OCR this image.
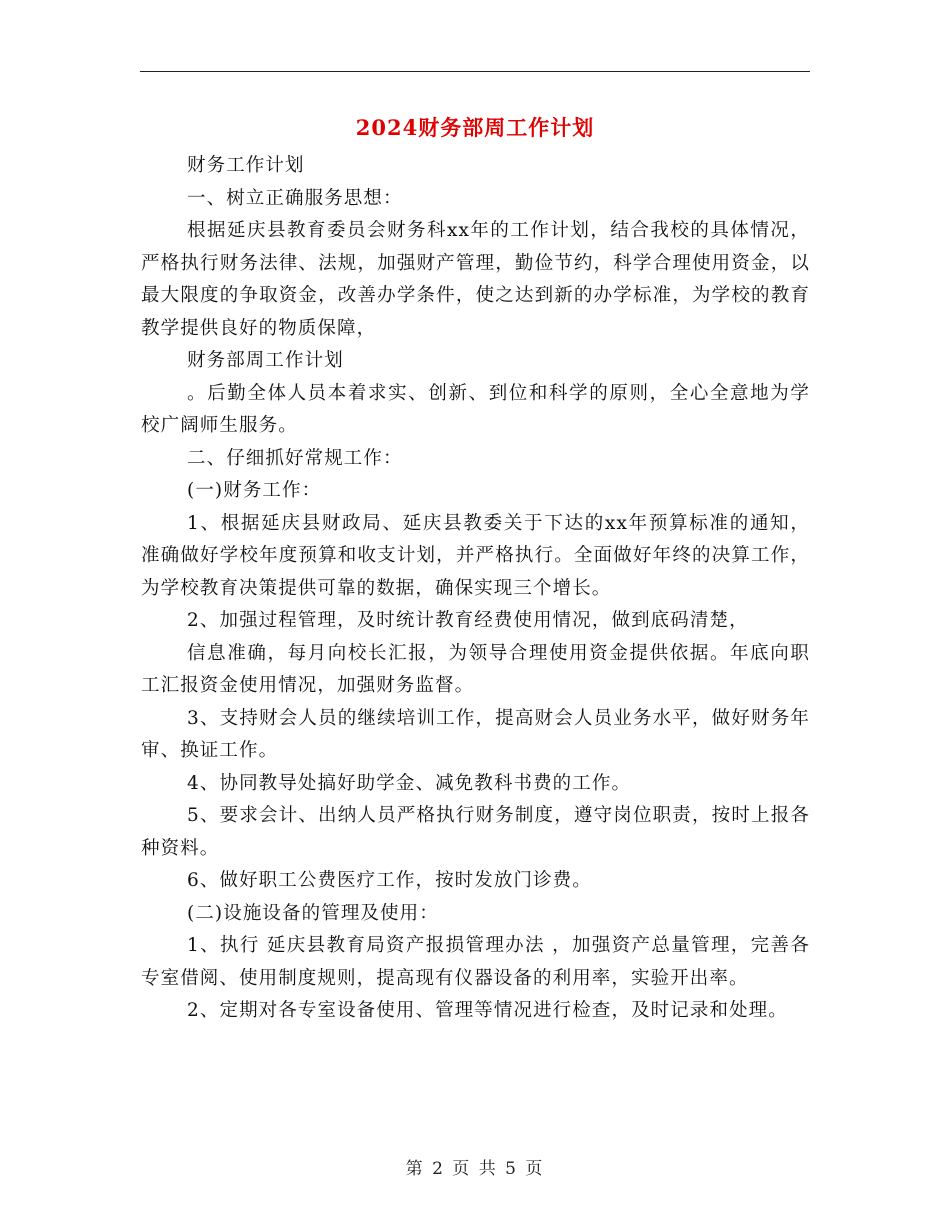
2024财务部周工作计划

财务工作计划

一、树立正确服务思想：

根据延庆县教育委员会财务科xx年的工作计划，结合我校的具体情况，严格执行财务法律、法规，加强财产管理，勤俭节约，科学合理使用资金，以最大限度的争取资金，改善办学条件，使之达到新的办学标准，为学校的教育教学提供良好的物质保障，

财务部周工作计划

。后勤全体人员本着求实、创新、到位和科学的原则，全心全意地为学校广阔师生服务。

二、仔细抓好常规工作：

(一)财务工作：

1、根据延庆县财政局、延庆县教委关于下达的xx年预算标准的通知，准确做好学校年度预算和收支计划，并严格执行。全面做好年终的决算工作，为学校教育决策提供可靠的数据，确保实现三个增长。

2、加强过程管理，及时统计教育经费使用情况，做到底码清楚，

信息准确，每月向校长汇报，为领导合理使用资金提供依据。年底向职工汇报资金使用情况，加强财务监督。

3、支持财会人员的继续培训工作，提高财会人员业务水平，做好财务年审、换证工作。

4、协同教导处搞好助学金、减免教科书费的工作。

5、要求会计、出纳人员严格执行财务制度，遵守岗位职责，按时上报各种资料。

6、做好职工公费医疗工作，按时发放门诊费。

(二)设施设备的管理及使用：

1、执行 延庆县教育局资产报损管理办法 ，加强资产总量管理，完善各专室借阅、使用制度规则，提高现有仪器设备的利用率，实验开出率。

2、定期对各专室设备使用、管理等情况进行检查，及时记录和处理。

第 2 页 共 5 页
